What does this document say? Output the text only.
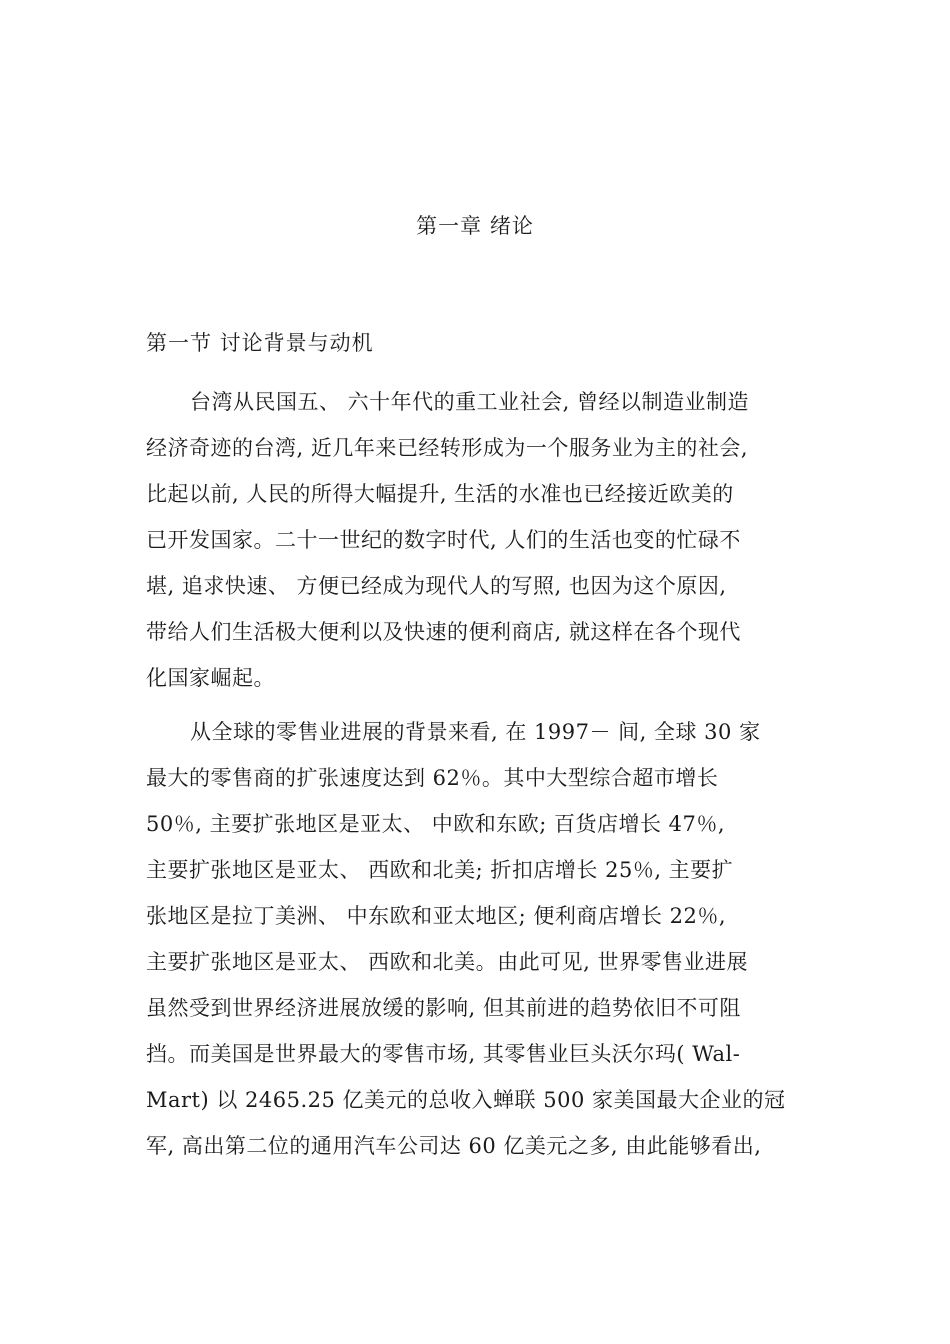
第一章 绪论
第一节 讨论背景与动机
台湾从民国五、 六十年代的重工业社会, 曾经以制造业制造
经济奇迹的台湾, 近几年来已经转形成为一个服务业为主的社会,
比起以前, 人民的所得大幅提升, 生活的水准也已经接近欧美的
已开发国家。二十一世纪的数字时代, 人们的生活也变的忙碌不
堪, 追求快速、 方便已经成为现代人的写照, 也因为这个原因,
带给人们生活极大便利以及快速的便利商店, 就这样在各个现代
化国家崛起。
从全球的零售业进展的背景来看, 在 1997－ 间, 全球 30 家
最大的零售商的扩张速度达到 62％。其中大型综合超市增长
50％, 主要扩张地区是亚太、 中欧和东欧; 百货店增长 47％,
主要扩张地区是亚太、 西欧和北美; 折扣店增长 25％, 主要扩
张地区是拉丁美洲、 中东欧和亚太地区; 便利商店增长 22％,
主要扩张地区是亚太、 西欧和北美。由此可见, 世界零售业进展
虽然受到世界经济进展放缓的影响, 但其前进的趋势依旧不可阻
挡。而美国是世界最大的零售市场, 其零售业巨头沃尔玛( Wal-
Mart) 以 2465.25 亿美元的总收入蝉联 500 家美国最大企业的冠
军, 高出第二位的通用汽车公司达 60 亿美元之多, 由此能够看出,
